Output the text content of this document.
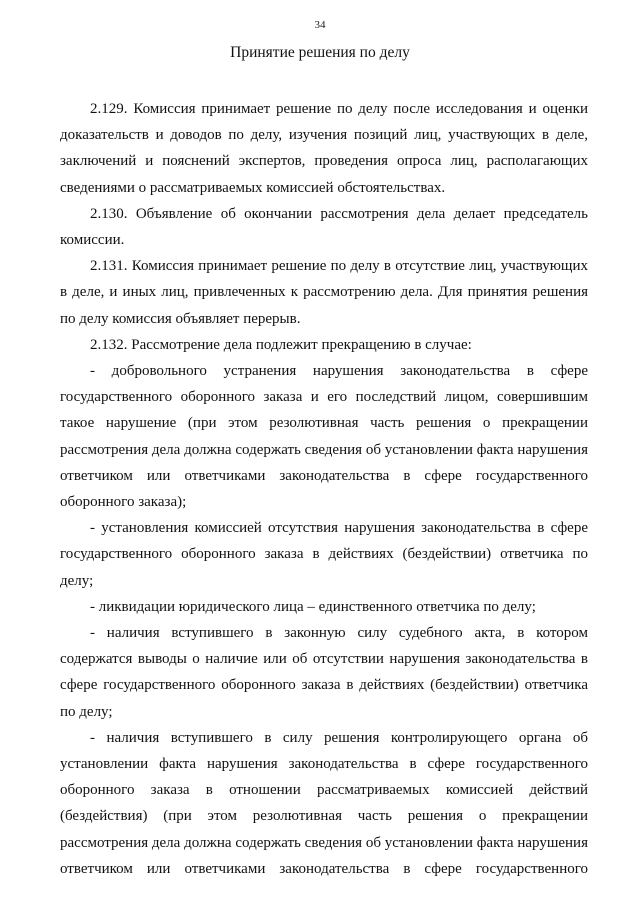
34
Принятие решения по делу

2.129. Комиссия принимает решение по делу после исследования и оценки доказательств и доводов по делу, изучения позиций лиц, участвующих в деле, заключений и пояснений экспертов, проведения опроса лиц, располагающих сведениями о рассматриваемых комиссией обстоятельствах.

2.130. Объявление об окончании рассмотрения дела делает председатель комиссии.

2.131. Комиссия принимает решение по делу в отсутствие лиц, участвующих в деле, и иных лиц, привлеченных к рассмотрению дела. Для принятия решения по делу комиссия объявляет перерыв.

2.132. Рассмотрение дела подлежит прекращению в случае:

- добровольного устранения нарушения законодательства в сфере государственного оборонного заказа и его последствий лицом, совершившим такое нарушение (при этом резолютивная часть решения о прекращении рассмотрения дела должна содержать сведения об установлении факта нарушения ответчиком или ответчиками законодательства в сфере государственного оборонного заказа);

- установления комиссией отсутствия нарушения законодательства в сфере государственного оборонного заказа в действиях (бездействии) ответчика по делу;

- ликвидации юридического лица – единственного ответчика по делу;

- наличия вступившего в законную силу судебного акта, в котором содержатся выводы о наличие или об отсутствии нарушения законодательства в сфере государственного оборонного заказа в действиях (бездействии) ответчика по делу;

- наличия вступившего в силу решения контролирующего органа об установлении факта нарушения законодательства в сфере государственного оборонного заказа в отношении рассматриваемых комиссией действий (бездействия) (при этом резолютивная часть решения о прекращении рассмотрения дела должна содержать сведения об установлении факта нарушения ответчиком или ответчиками законодательства в сфере государственного
